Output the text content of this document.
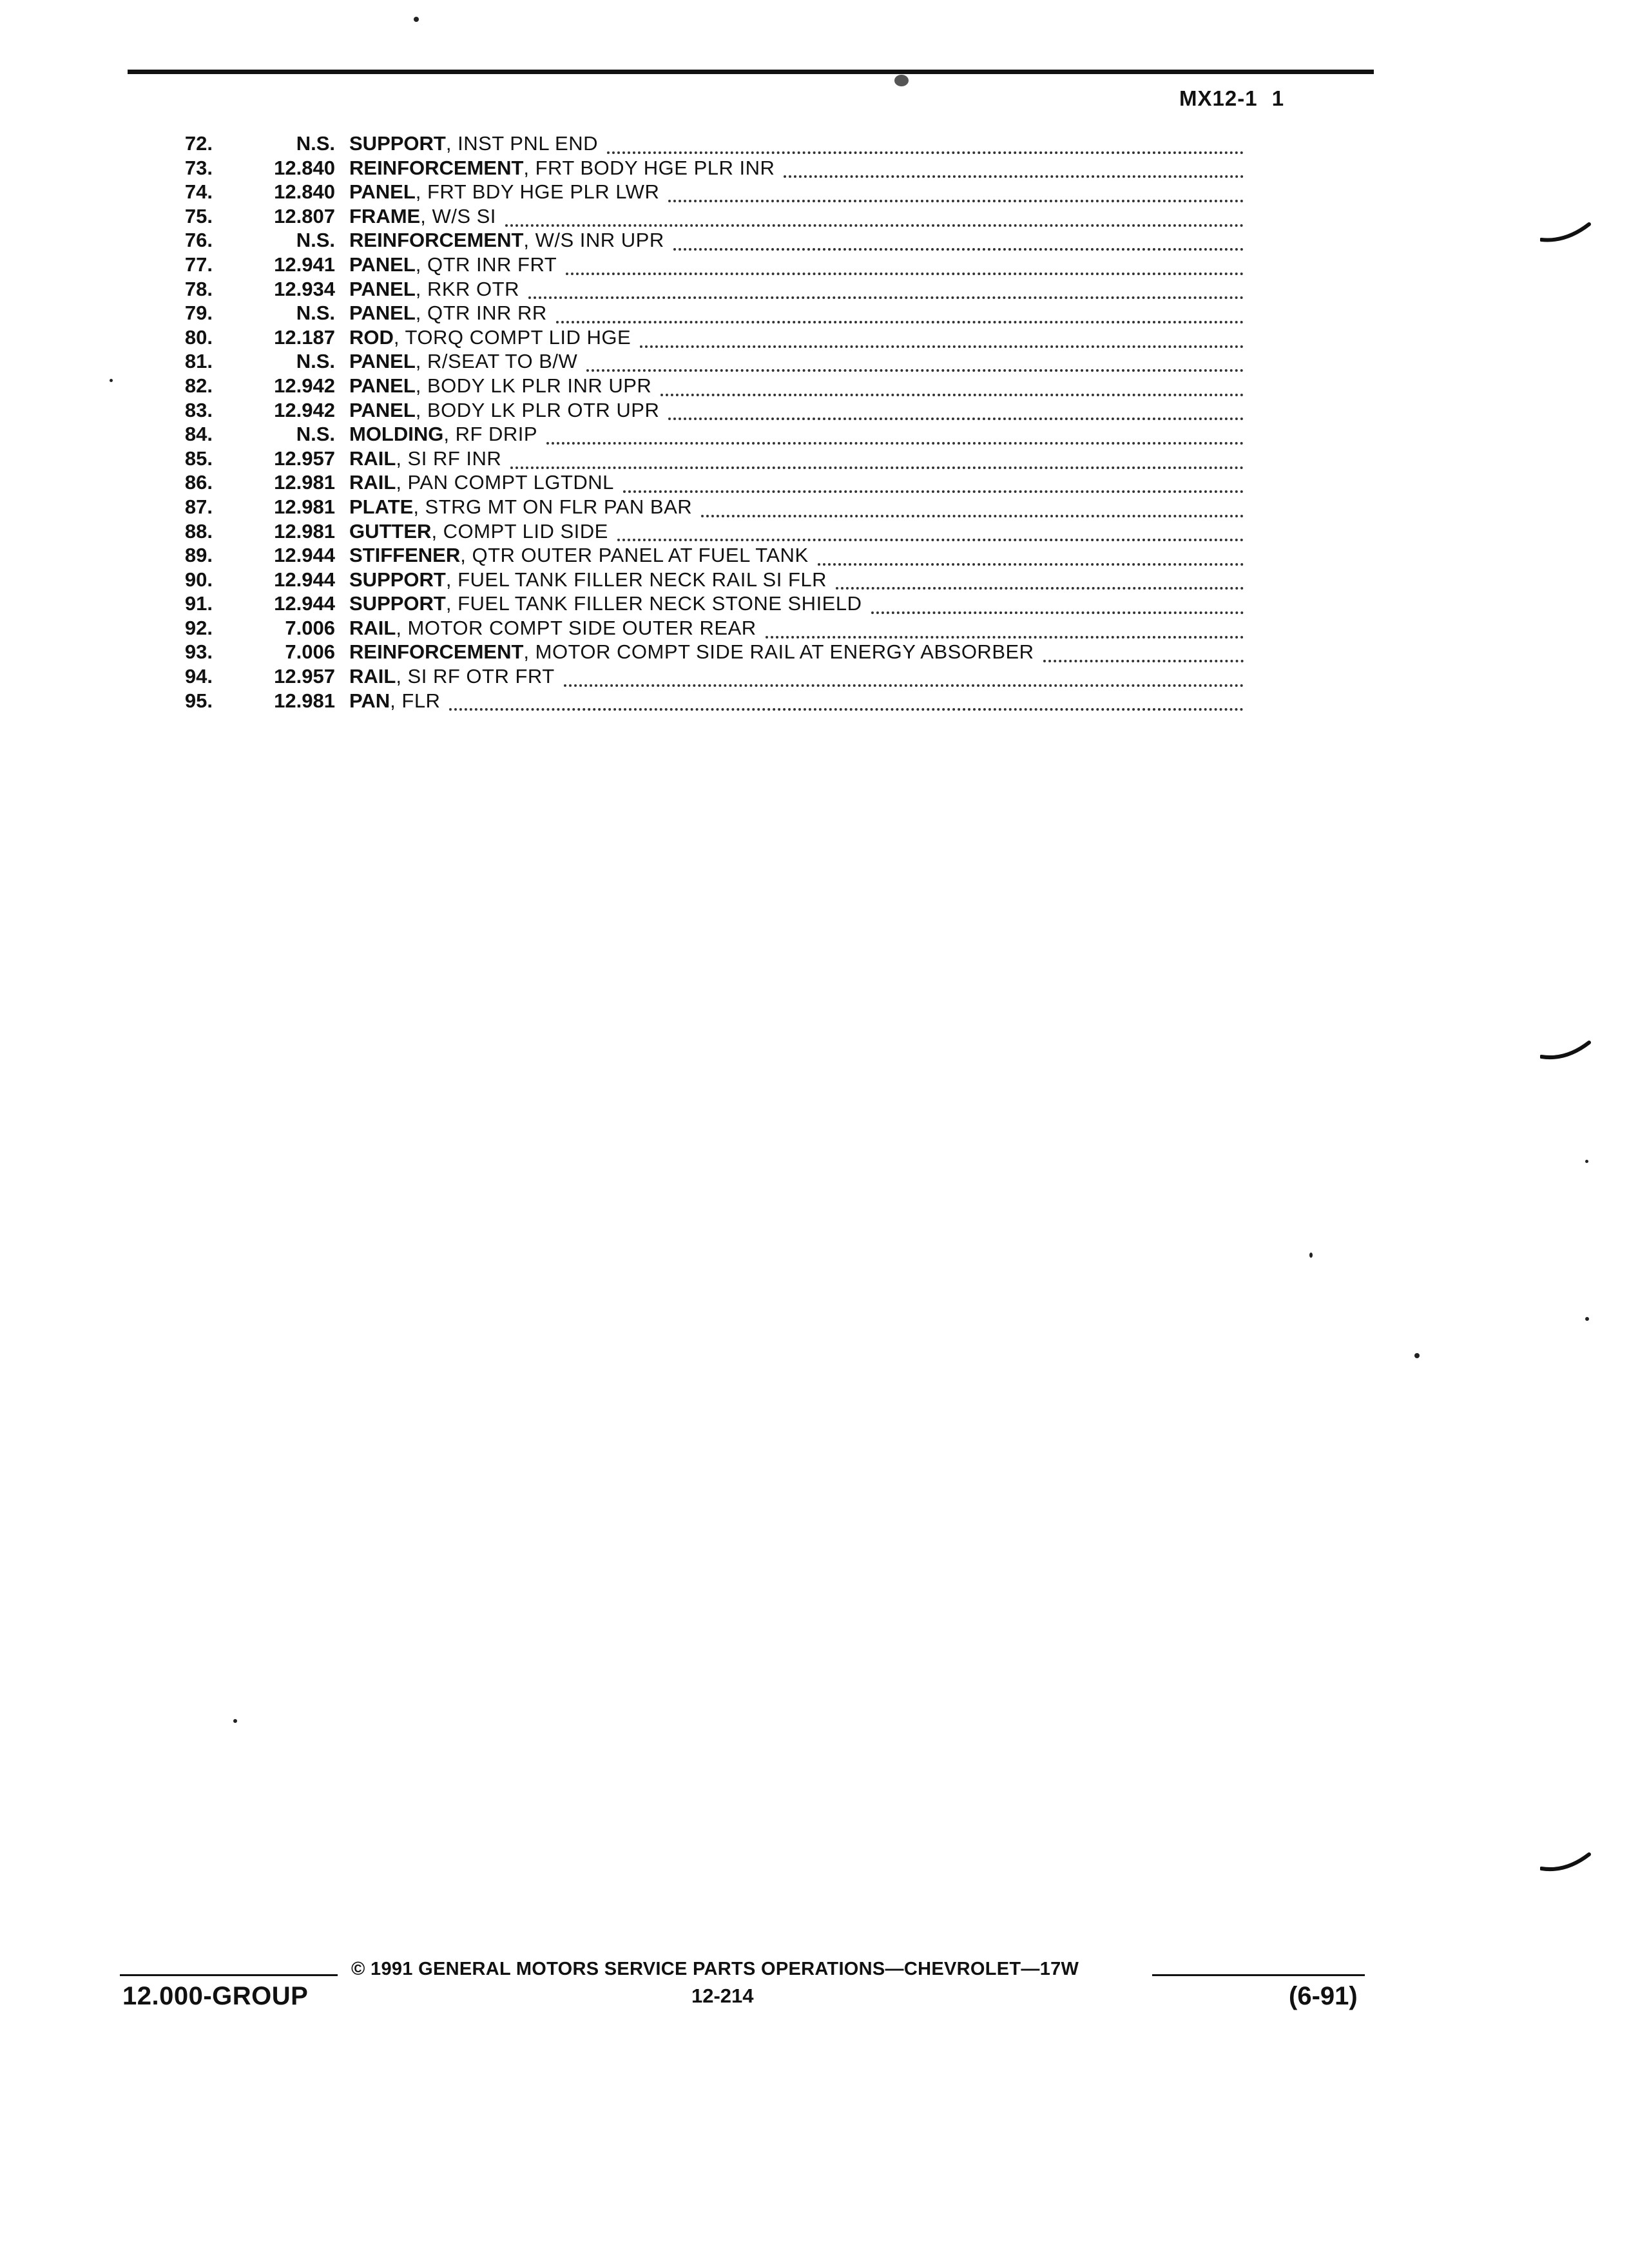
MX12-1 1
72.	N.S. SUPPORT , INST PNL END
73.	12.840 REINFORCEMENT , FRT BODY HGE PLR INR
74.	12.840 PANEL , FRT BDY HGE PLR LWR
75.	12.807 FRAME , W/S SI
76.	N.S. REINFORCEMENT , W/S INR UPR
77.	12.941 PANEL , QTR INR FRT
78.	12.934 PANEL , RKR OTR
79.	N.S. PANEL , QTR INR RR
80.	12.187 ROD , TORQ COMPT LID HGE
81.	N.S. PANEL , R/SEAT TO B/W
82.	12.942 PANEL , BODY LK PLR INR UPR
83.	12.942 PANEL , BODY LK PLR OTR UPR
84.	N.S. MOLDING , RF DRIP
85.	12.957 RAIL , SI RF INR
86.	12.981 RAIL , PAN COMPT LGTDNL
87.	12.981 PLATE , STRG MT ON FLR PAN BAR
88.	12.981 GUTTER , COMPT LID SIDE
89.	12.944 STIFFENER , QTR OUTER PANEL AT FUEL TANK
90.	12.944 SUPPORT , FUEL TANK FILLER NECK RAIL SI FLR
91.	12.944 SUPPORT , FUEL TANK FILLER NECK STONE SHIELD
92.	7.006 RAIL , MOTOR COMPT SIDE OUTER REAR
93.	7.006 REINFORCEMENT , MOTOR COMPT SIDE RAIL AT ENERGY ABSORBER
94.	12.957 RAIL , SI RF OTR FRT
95.	12.981 PAN , FLR
© 1991 GENERAL MOTORS SERVICE PARTS OPERATIONS—CHEVROLET—17W
12.000-GROUP	12-214	(6-91)
